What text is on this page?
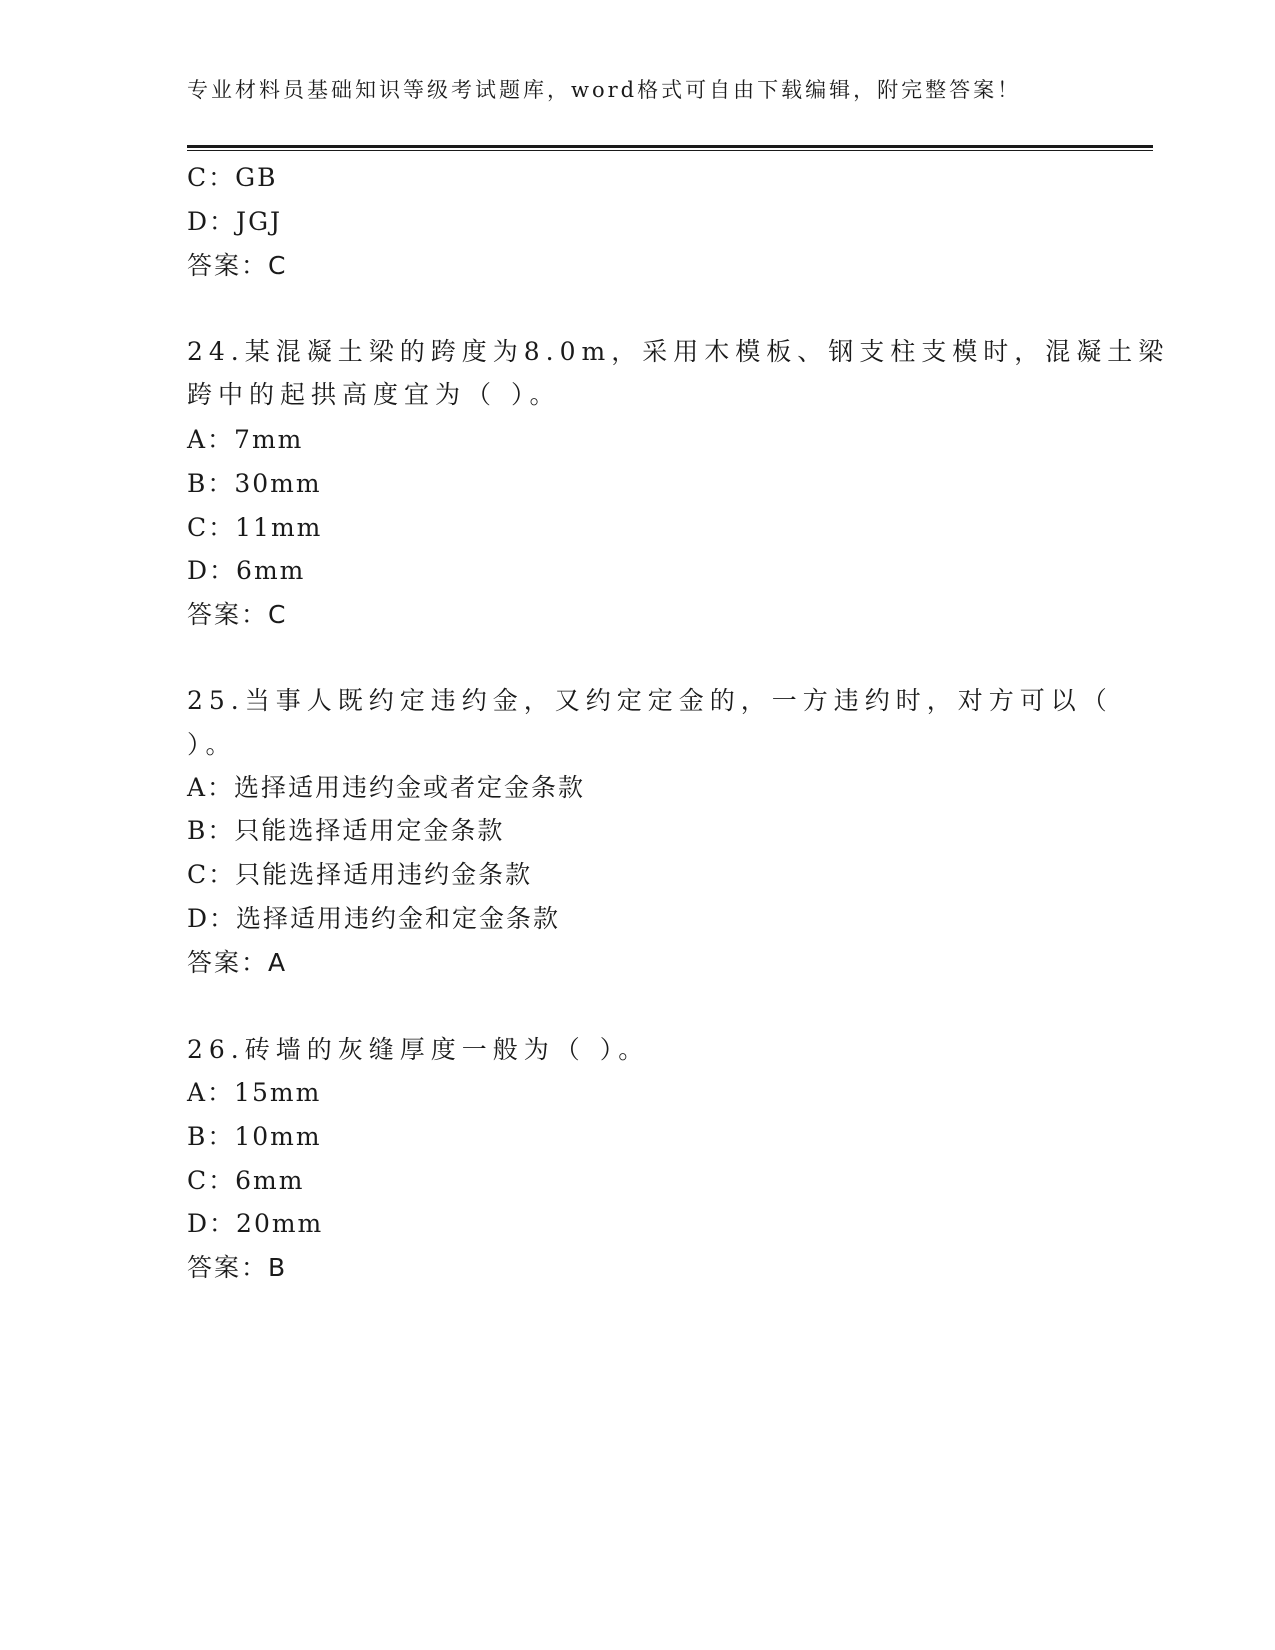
专业材料员基础知识等级考试题库，word格式可自由下载编辑，附完整答案！
C：GB
D：JGJ
答案：C
24.某混凝土梁的跨度为8.0m，采用木模板、钢支柱支模时，混凝土梁
跨中的起拱高度宜为（ ）。
A：7mm
B：30mm
C：11mm
D：6mm
答案：C
25.当事人既约定违约金，又约定定金的，一方违约时，对方可以（
）。
A：选择适用违约金或者定金条款
B：只能选择适用定金条款
C：只能选择适用违约金条款
D：选择适用违约金和定金条款
答案：A
26.砖墙的灰缝厚度一般为（ ）。
A：15mm
B：10mm
C：6mm
D：20mm
答案：B
